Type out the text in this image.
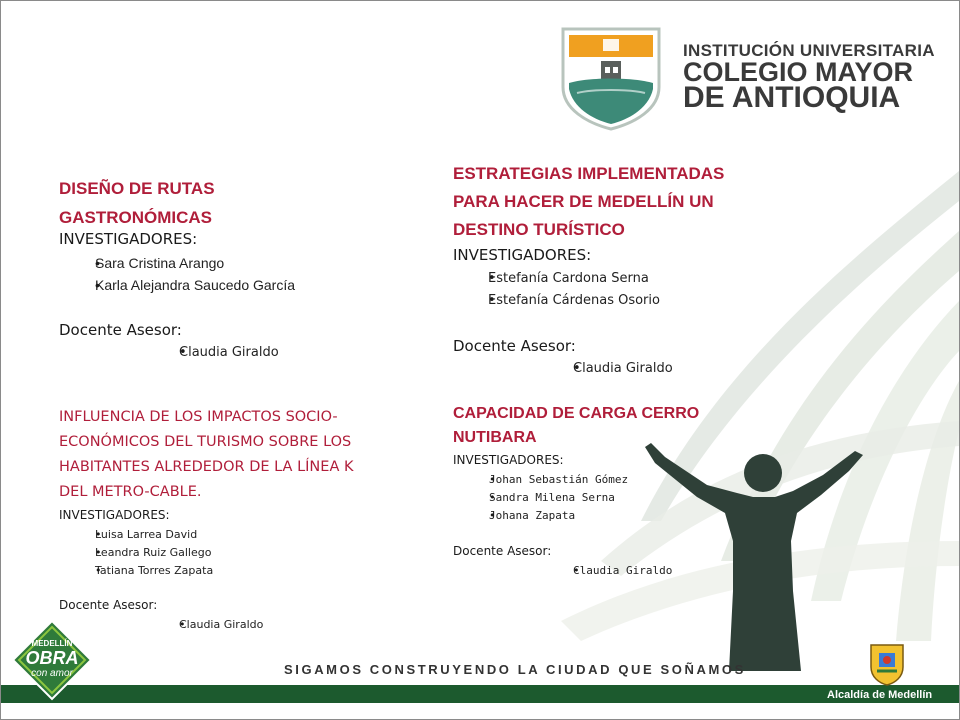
INSTITUCIÓN UNIVERSITARIA
COLEGIO MAYOR
DE ANTIOQUIA
DISEÑO DE RUTAS
GASTRONÓMICAS
INVESTIGADORES:
• Sara Cristina Arango
• Karla Alejandra Saucedo García
Docente Asesor:
• Claudia Giraldo
INFLUENCIA DE LOS IMPACTOS SOCIO-
ECONÓMICOS DEL TURISMO SOBRE LOS
HABITANTES ALREDEDOR DE LA LÍNEA K
DEL METRO-CABLE.
INVESTIGADORES:
• Luisa Larrea David
• Leandra Ruiz Gallego
• Tatiana Torres Zapata
Docente Asesor:
• Claudia Giraldo
ESTRATEGIAS IMPLEMENTADAS
PARA HACER DE MEDELLÍN UN
DESTINO TURÍSTICO
INVESTIGADORES:
• Estefanía Cardona Serna
• Estefanía Cárdenas Osorio
Docente Asesor:
• Claudia Giraldo
CAPACIDAD DE CARGA CERRO
NUTIBARA
INVESTIGADORES:
• Johan Sebastián Gómez
• Sandra Milena Serna
• Johana Zapata
Docente Asesor:
• Claudia Giraldo
MEDELLÍN
OBRA
con amor	SIGAMOS CONSTRUYENDO LA CIUDAD QUE SOÑAMOS
Alcaldía de Medellín
